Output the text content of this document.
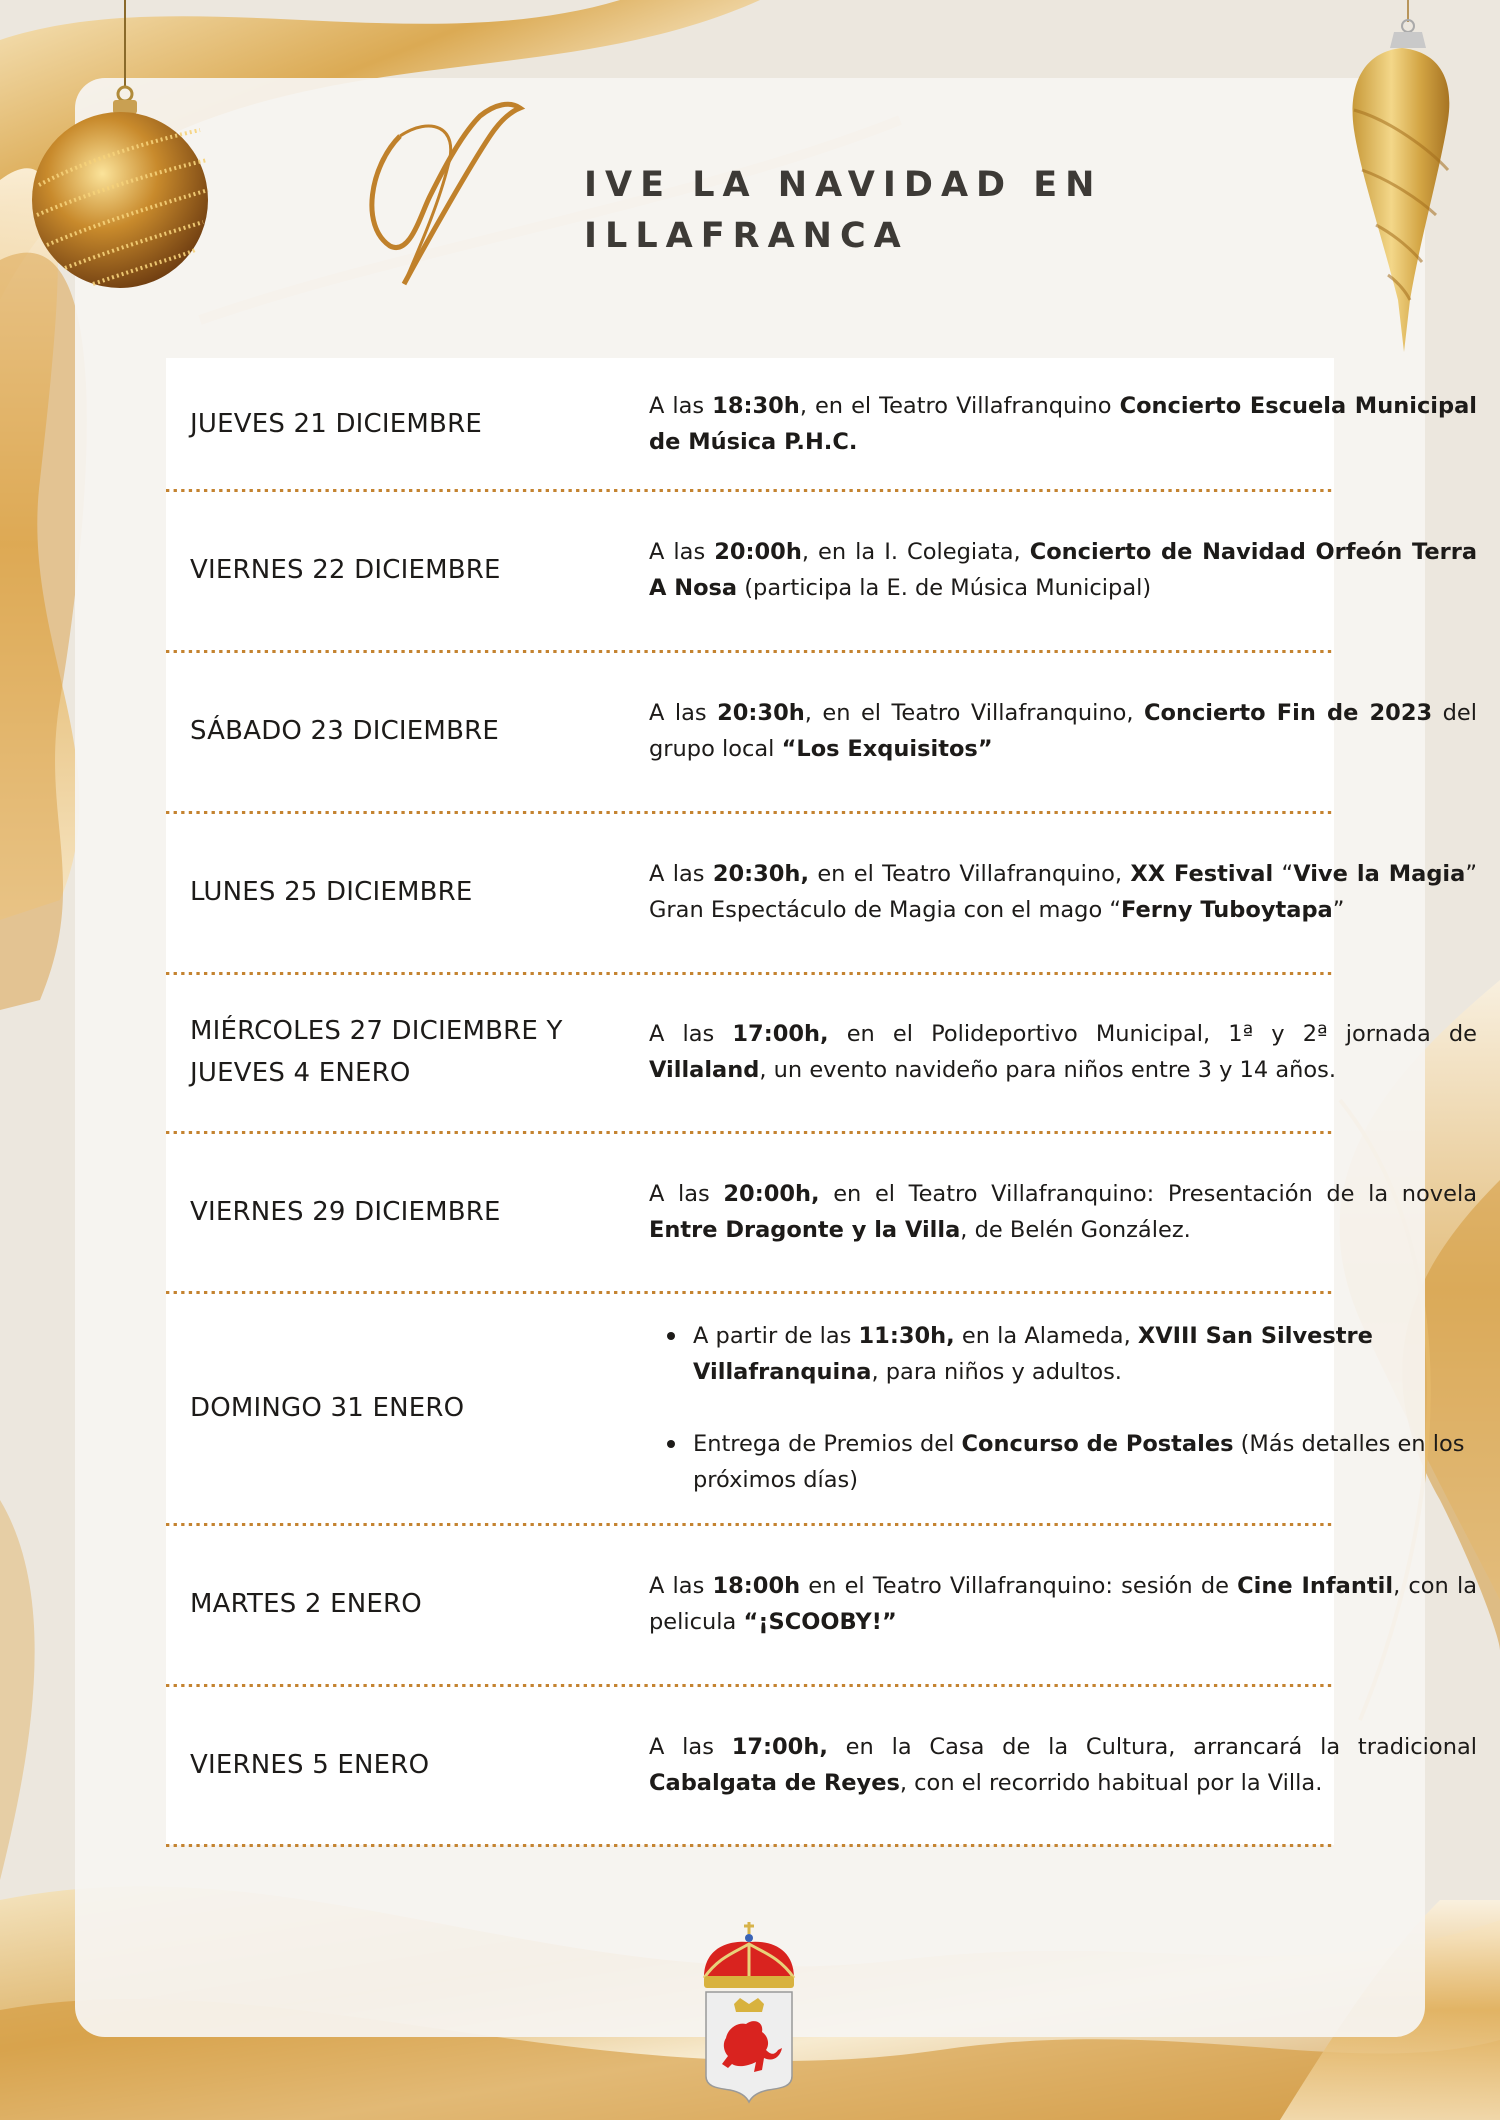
V
IVE LA NAVIDAD EN
ILLAFRANCA
JUEVES 21 DICIEMBRE

A las 18:30h, en el Teatro Villafranquino Concierto Escuela Municipal de Música P.H.C.

VIERNES 22 DICIEMBRE

A las 20:00h, en la I. Colegiata, Concierto de Navidad Orfeón Terra A Nosa (participa la E. de Música Municipal)

SÁBADO 23 DICIEMBRE

A las 20:30h, en el Teatro Villafranquino, Concierto Fin de 2023 del grupo local “Los Exquisitos”

LUNES 25 DICIEMBRE

A las 20:30h, en el Teatro Villafranquino, XX Festival “Vive la Magia” Gran Espectáculo de Magia con el mago “Ferny Tuboytapa”

MIÉRCOLES 27 DICIEMBRE Y JUEVES 4 ENERO

A las 17:00h, en el Polideportivo Municipal, 1ª y 2ª jornada de Villaland, un evento navideño para niños entre 3 y 14 años.

VIERNES 29 DICIEMBRE

A las 20:00h, en el Teatro Villafranquino: Presentación de la novela Entre Dragonte y la Villa, de Belén González.

DOMINGO 31 ENERO
A partir de las 11:30h, en la Alameda, XVIII San Silvestre Villafranquina, para niños y adultos.
Entrega de Premios del Concurso de Postales (Más detalles en los próximos días)
MARTES 2 ENERO

A las 18:00h en el Teatro Villafranquino: sesión de Cine Infantil, con la pelicula “¡SCOOBY!”

VIERNES 5 ENERO

A las 17:00h, en la Casa de la Cultura, arrancará la tradicional Cabalgata de Reyes, con el recorrido habitual por la Villa.
